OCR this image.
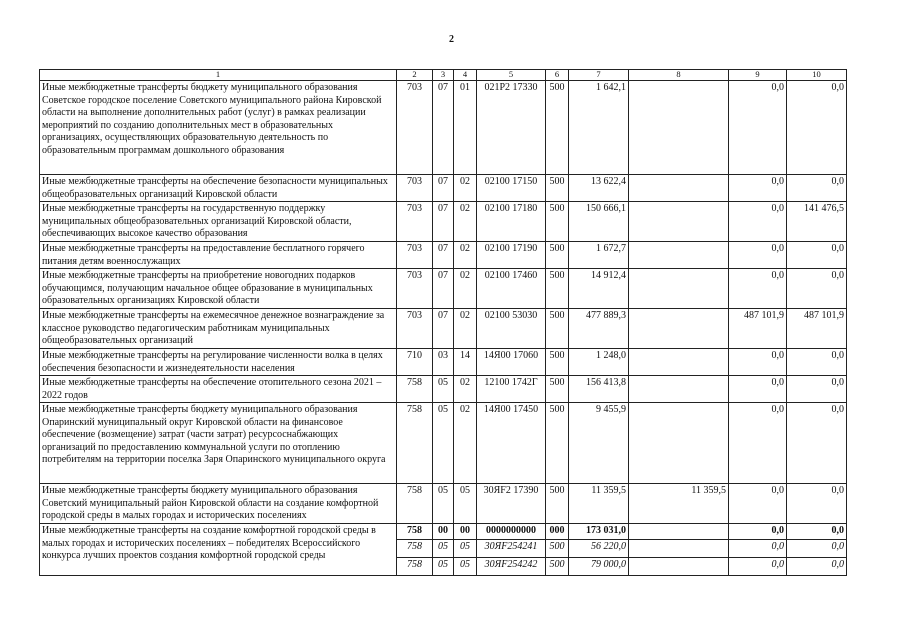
2
1	2	3	4	5	6	7	8	9	10
Иные межбюджетные трансферты бюджету муниципального образования Советское городское поселение Советского муниципального района Кировской области на выполнение дополнительных работ (услуг) в рамках реализации мероприятий по созданию дополнительных мест в образовательных организациях, осуществляющих образовательную деятельность по образовательным программам дошкольного образования	703	07	01	021Р2 17330	500	1 642,1		0,0	0,0
Иные межбюджетные трансферты на обеспечение безопасности муниципальных общеобразовательных организаций Кировской области	703	07	02	02100 17150	500	13 622,4		0,0	0,0
Иные межбюджетные трансферты на государственную поддержку муниципальных общеобразовательных организаций Кировской области, обеспечивающих высокое качество образования	703	07	02	02100 17180	500	150 666,1		0,0	141 476,5
Иные межбюджетные трансферты на предоставление бесплатного горячего питания детям военнослужащих	703	07	02	02100 17190	500	1 672,7		0,0	0,0
Иные межбюджетные трансферты на приобретение новогодних подарков обучающимся, получающим начальное общее образование в муниципальных образовательных организациях Кировской области	703	07	02	02100 17460	500	14 912,4		0,0	0,0
Иные межбюджетные трансферты на ежемесячное денежное вознаграждение за классное руководство педагогическим работникам муниципальных общеобразовательных организаций	703	07	02	02100 53030	500	477 889,3		487 101,9	487 101,9
Иные межбюджетные трансферты на регулирование численности волка в целях обеспечения безопасности и жизнедеятельности населения	710	03	14	14Я00 17060	500	1 248,0		0,0	0,0
Иные межбюджетные трансферты на обеспечение отопительного сезона 2021 – 2022 годов	758	05	02	12100 1742Г	500	156 413,8		0,0	0,0
Иные межбюджетные трансферты бюджету муниципального образования Опаринский муниципальный округ Кировской области на финансовое обеспечение (возмещение) затрат (части затрат) ресурсоснабжающих организаций по предоставлению коммунальной услуги по отоплению потребителям на территории поселка Заря Опаринского муниципального округа	758	05	02	14Я00 17450	500	9 455,9		0,0	0,0
Иные межбюджетные трансферты бюджету муниципального образования Советский муниципальный район Кировской области на создание комфортной городской среды в малых городах и исторических поселениях	758	05	05	30ЯF2 17390	500	11 359,5	11 359,5	0,0	0,0
Иные межбюджетные трансферты на создание комфортной городской среды в малых городах и исторических поселениях – победителях Всероссийского конкурса лучших проектов создания комфортной городской среды	758	00	00	0000000000	000	173 031,0		0,0	0,0
	758	05	05	30ЯF254241	500	56 220,0		0,0	0,0
	758	05	05	30ЯF254242	500	79 000,0		0,0	0,0
